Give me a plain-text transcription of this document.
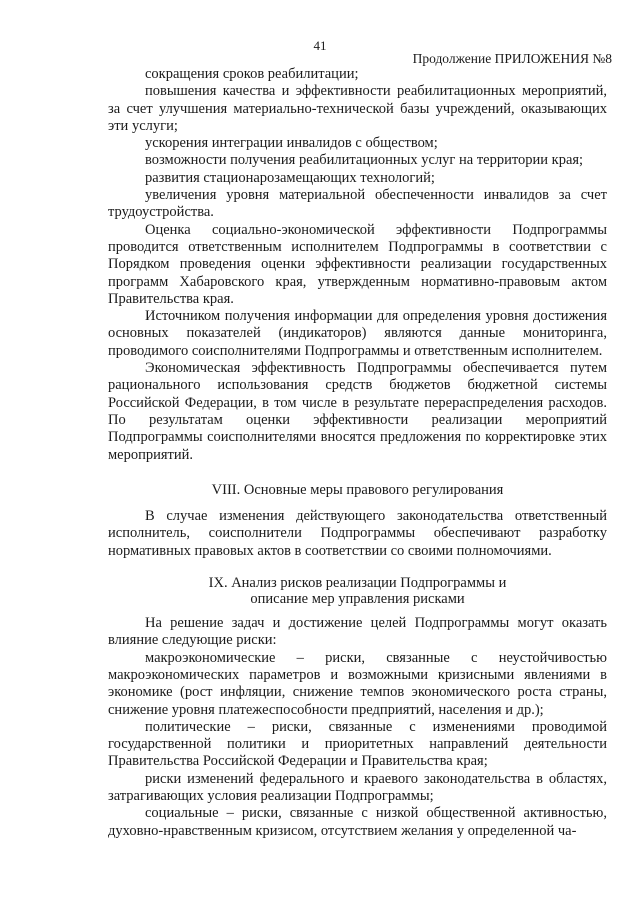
41
Продолжение ПРИЛОЖЕНИЯ №8

сокращения сроков реабилитации;

повышения качества и эффективности реабилитационных мероприятий, за счет улучшения материально-технической базы учреждений, оказывающих эти услуги;

ускорения интеграции инвалидов с обществом;

возможности получения реабилитационных услуг на территории края;

развития стационарозамещающих технологий;

увеличения уровня материальной обеспеченности инвалидов за счет трудоустройства.

Оценка социально-экономической эффективности Подпрограммы проводится ответственным исполнителем Подпрограммы в соответствии с Порядком проведения оценки эффективности реализации государственных программ Хабаровского края, утвержденным нормативно-правовым актом Правительства края.

Источником получения информации для определения уровня достижения основных показателей (индикаторов) являются данные мониторинга, проводимого соисполнителями Подпрограммы и ответственным исполнителем.

Экономическая эффективность Подпрограммы обеспечивается путем рационального использования средств бюджетов бюджетной системы Российской Федерации, в том числе в результате перераспределения расходов. По результатам оценки эффективности реализации мероприятий Подпрограммы соисполнителями вносятся предложения по корректировке этих мероприятий.

VIII. Основные меры правового регулирования

В случае изменения действующего законодательства ответственный исполнитель, соисполнители Подпрограммы обеспечивают разработку нормативных правовых актов в соответствии со своими полномочиями.

IX. Анализ рисков реализации Подпрограммы и
описание мер управления рисками

На решение задач и достижение целей Подпрограммы могут оказать влияние следующие риски:

макроэкономические – риски, связанные с неустойчивостью макроэкономических параметров и возможными кризисными явлениями в экономике (рост инфляции, снижение темпов экономического роста страны, снижение уровня платежеспособности предприятий, населения и др.);

политические – риски, связанные с изменениями проводимой государственной политики и приоритетных направлений деятельности Правительства Российской Федерации и Правительства края;

риски изменений федерального и краевого законодательства в областях, затрагивающих условия реализации Подпрограммы;

социальные – риски, связанные с низкой общественной активностью, духовно-нравственным кризисом, отсутствием желания у определенной ча-
